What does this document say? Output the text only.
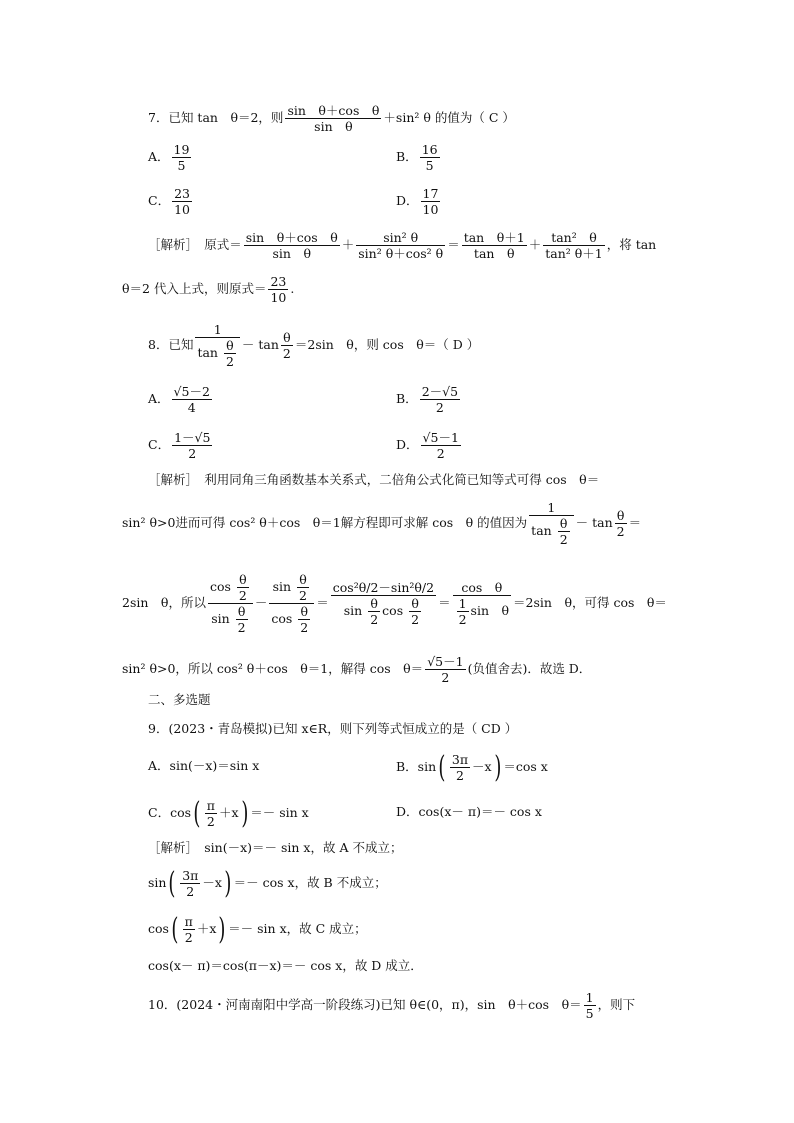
7．已知 tan　θ＝2，则 $\frac{\text{sin　θ＋cos　θ}}{\text{sin　θ}} +\sin^2$ θ 的值为（ C ）
A． $\frac{19}{5}$	B． $\frac{16}{5}$
C． $\frac{23}{10}$	D． $\frac{17}{10}$
［解析］　原式＝ $\frac{\text{sin　θ＋cos　θ}}{\text{sin　θ}} + \frac{\text{sin² θ}}{\text{sin² θ＋cos² θ}} = \frac{\text{tan　θ＋1}}{\text{tan　θ}} + \frac{\text{tan²　θ}}{\text{tan² θ＋1}}$ ，将 tan
θ＝2 代入上式，则原式＝ $\frac{23}{10}$ .
8．已知 $\frac{1}{\tan \frac{\theta}{2}} - \tan \frac{\theta}{2} =2\sin$　θ，则 cos　θ＝（ D ）
A． $\frac{√5-2}{4}$	B． $\frac{2-√5}{2}$
C． $\frac{1-√5}{2}$	D． $\frac{√5-1}{2}$
［解析］　利用同角三角函数基本关系式，二倍角公式化简已知等式可得 cos　θ＝
sin² θ>0进而可得 cos² θ＋cos　θ＝1解方程即可求解 cos　θ 的值因为 $\frac{1}{\tan \frac{\theta}{2}} - \tan \frac{\theta}{2}$ ＝
2sin　θ，所以 $\frac{\cos \frac{\theta}{2}}{\sin \frac{\theta}{2}} - \frac{\sin \frac{\theta}{2}}{\cos \frac{\theta}{2}} = \frac{\text{cos²θ/2－sin²θ/2}}{\sin \frac{\theta}{2} \cos \frac{\theta}{2}} = \frac{\text{cos　θ}}{\frac{1}{2} \sin \theta} =2\sin$　θ，可得 cos　θ＝
sin² θ>0，所以 cos² θ＋cos　θ＝1，解得 cos　$\theta= \frac{√5-1}{2}$ (负值舍去)．故选 D．
二、多选题
9．(2023・青岛模拟)已知 x∈R，则下列等式恒成立的是（ CD ）
A．sin(－x)＝sin x	B．$\sin( \frac{3\pi}{2} -x) =\cos$ x
C．$\cos( \frac{\pi}{2} +x) =- \sin x$	D．cos(x－ π)＝－ cos x
［解析］　sin(－x)＝－ sin x，故 A 不成立；
$\sin( \frac{3\pi}{2} -x) =- \cos x$，故 B 不成立；
$\cos( \frac{\pi}{2} +x) =- \sin x$，故 C 成立；
cos(x－ π)＝cos(π－x)＝－ cos x，故 D 成立．
10．(2024・河南南阳中学高一阶段练习)已知 θ∈(0，π)，sin　θ＋cos　$\theta= \frac{1}{5}$ ，则下
